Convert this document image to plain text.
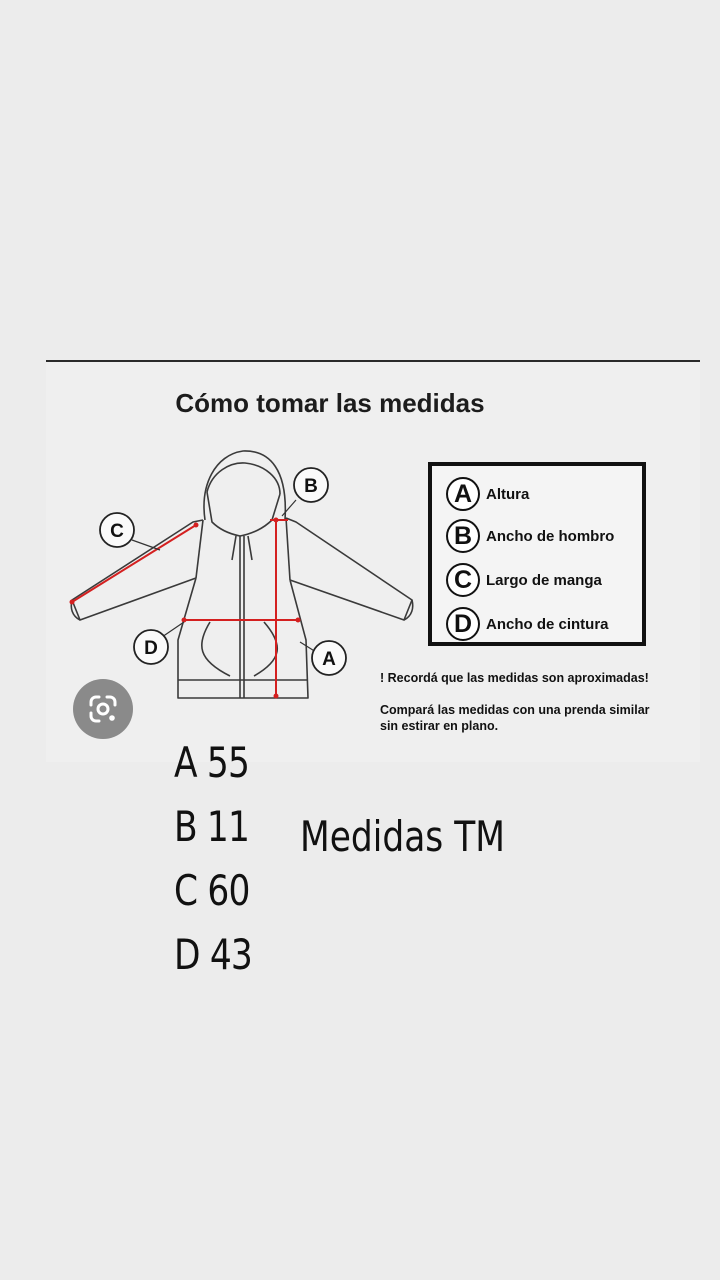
Cómo tomar las medidas
B
C
D
A
A Altura
B Ancho de hombro
C Largo de manga
D Ancho de cintura
! Recordá que las medidas son aproximadas!
Compará las medidas con una prenda similar
sin estirar en plano.
A 55
B 11
C 60
D 43
Medidas TM
